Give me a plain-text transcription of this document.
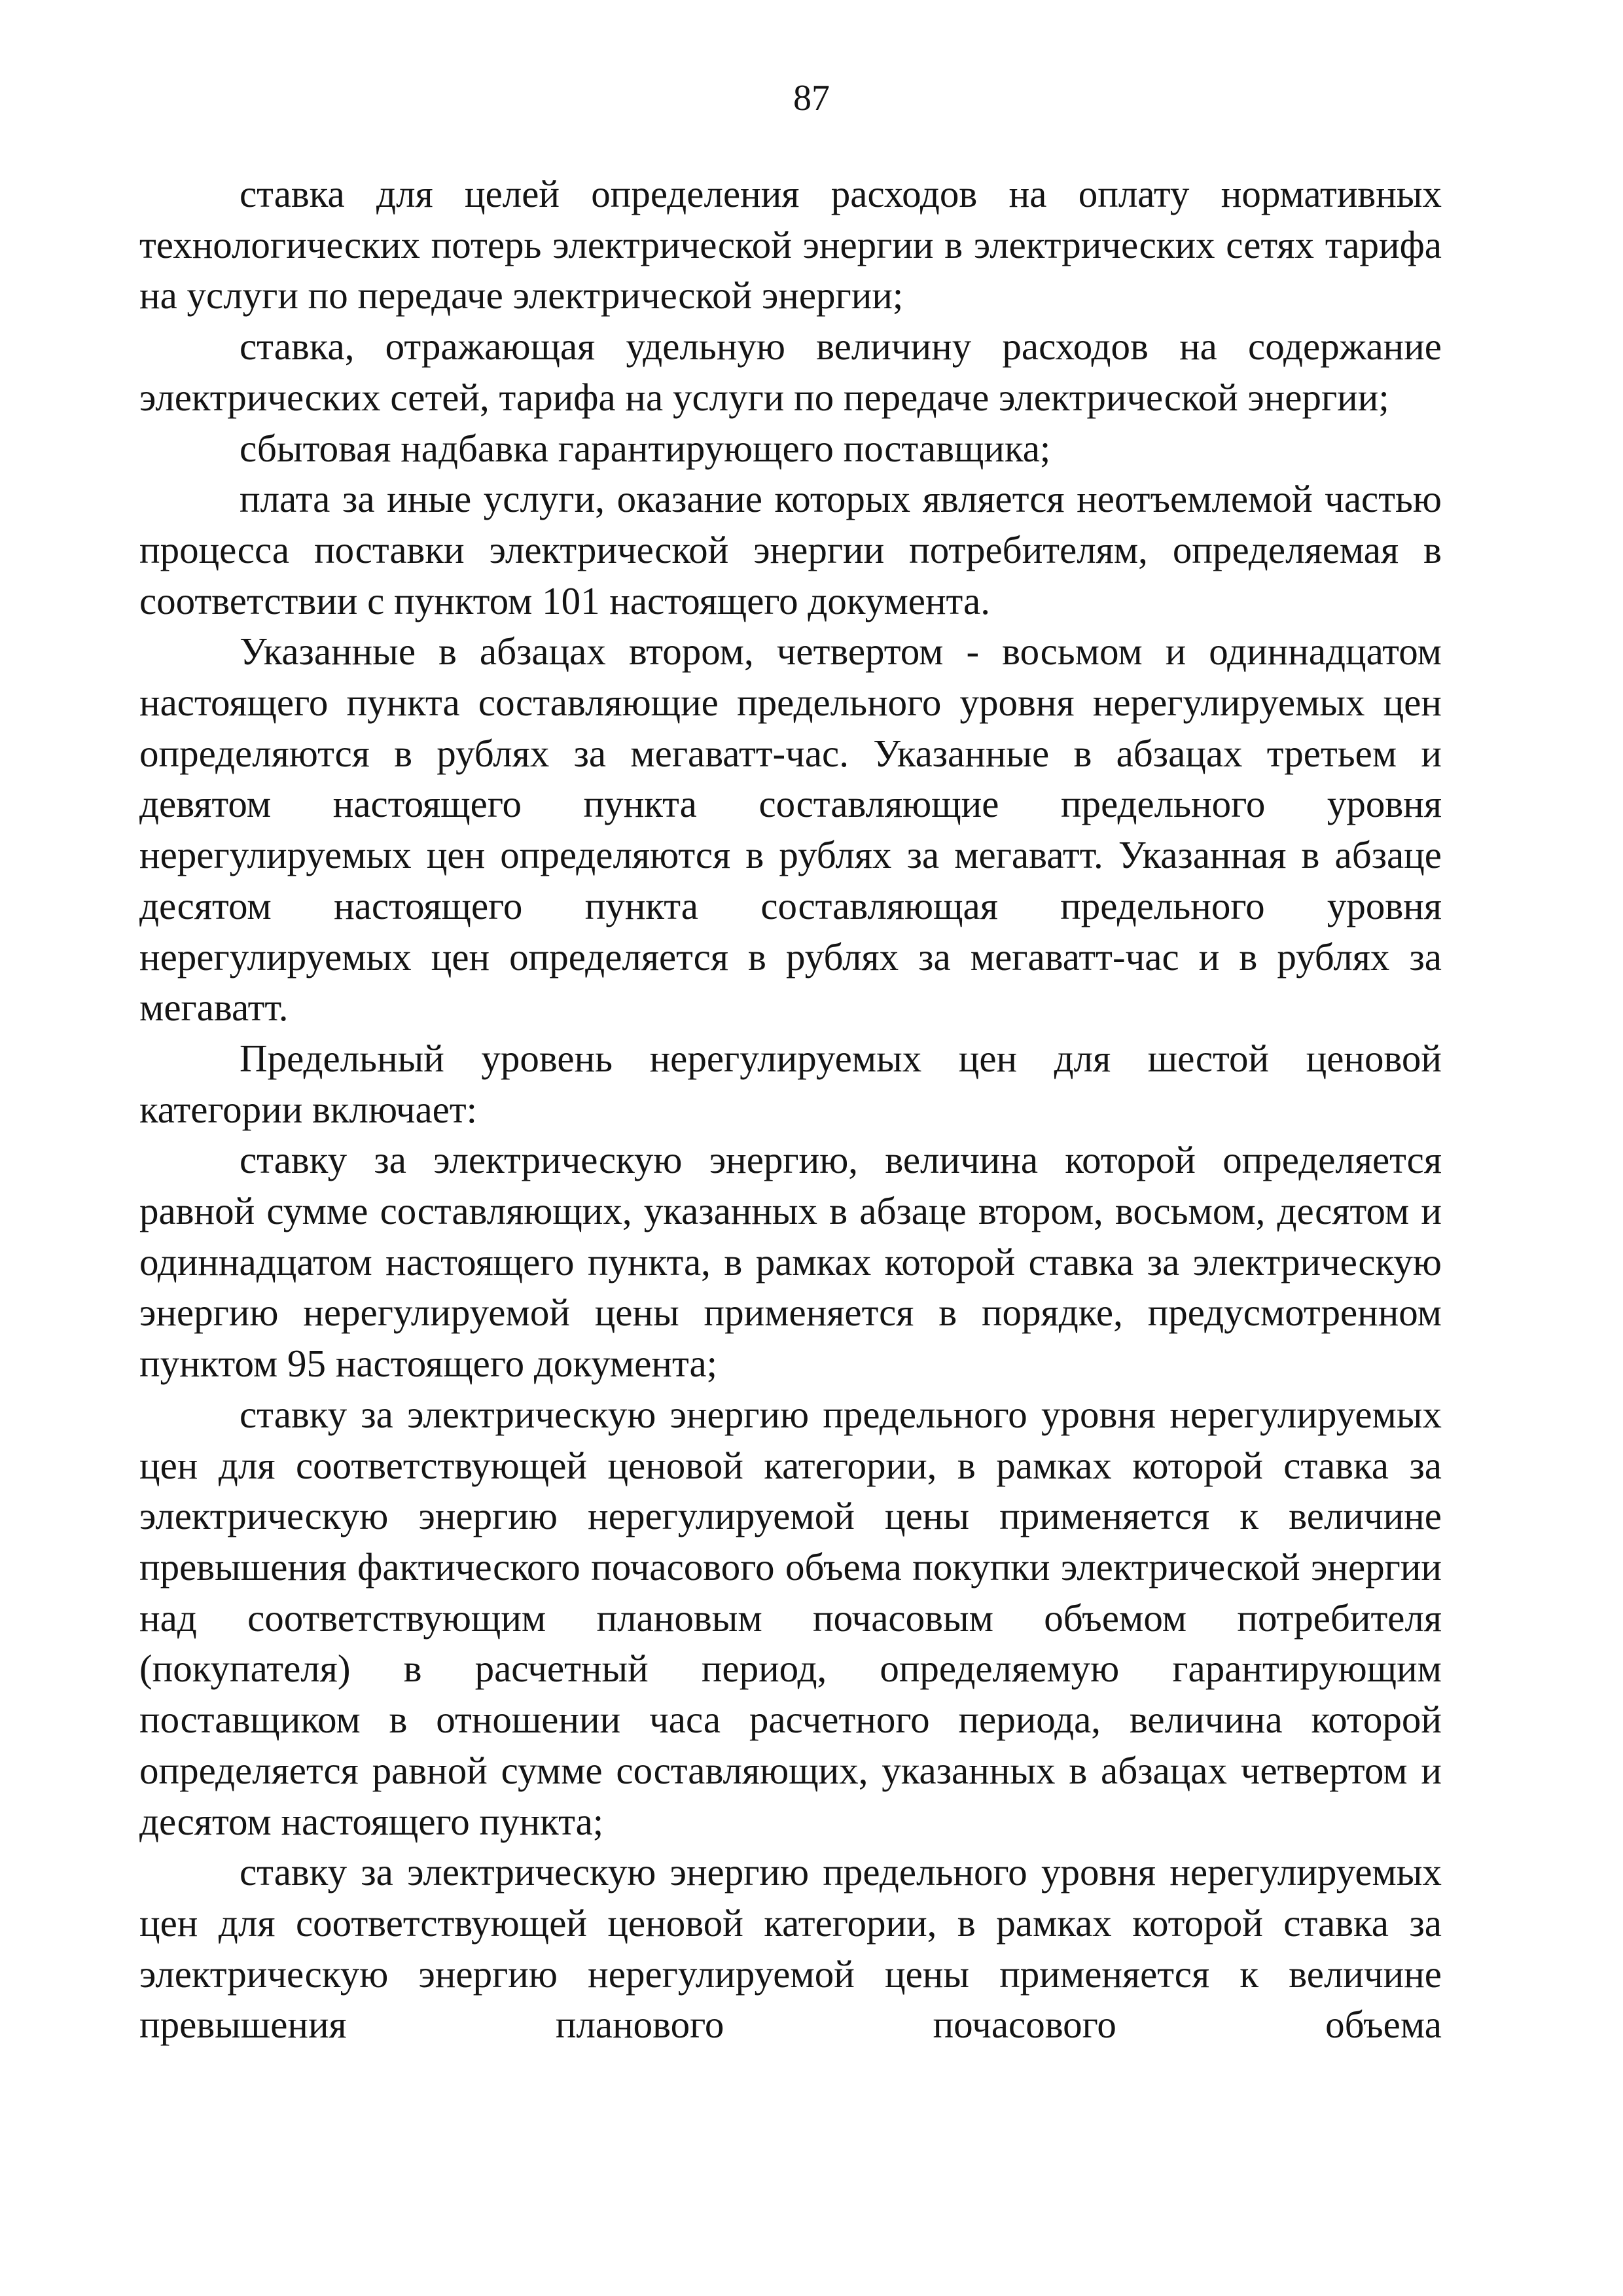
87

ставка для целей определения расходов на оплату нормативных технологических потерь электрической энергии в электрических сетях тарифа на услуги по передаче электрической энергии;

ставка, отражающая удельную величину расходов на содержание электрических сетей, тарифа на услуги по передаче электрической энергии;

сбытовая надбавка гарантирующего поставщика;

плата за иные услуги, оказание которых является неотъемлемой частью процесса поставки электрической энергии потребителям, определяемая в соответствии с пунктом 101 настоящего документа.

Указанные в абзацах втором, четвертом - восьмом и одиннадцатом настоящего пункта составляющие предельного уровня нерегулируемых цен определяются в рублях за мегаватт-час. Указанные в абзацах третьем и девятом настоящего пункта составляющие предельного уровня нерегулируемых цен определяются в рублях за мегаватт. Указанная в абзаце десятом настоящего пункта составляющая предельного уровня нерегулируемых цен определяется в рублях за мегаватт-час и в рублях за мегаватт.

Предельный уровень нерегулируемых цен для шестой ценовой категории включает:

ставку за электрическую энергию, величина которой определяется равной сумме составляющих, указанных в абзаце втором, восьмом, десятом и одиннадцатом настоящего пункта, в рамках которой ставка за электрическую энергию нерегулируемой цены применяется в порядке, предусмотренном пунктом 95 настоящего документа;

ставку за электрическую энергию предельного уровня нерегулируемых цен для соответствующей ценовой категории, в рамках которой ставка за электрическую энергию нерегулируемой цены применяется к величине превышения фактического почасового объема покупки электрической энергии над соответствующим плановым почасовым объемом потребителя (покупателя) в расчетный период, определяемую гарантирующим поставщиком в отношении часа расчетного периода, величина которой определяется равной сумме составляющих, указанных в абзацах четвертом и десятом настоящего пункта;

ставку за электрическую энергию предельного уровня нерегулируемых цен для соответствующей ценовой категории, в рамках которой ставка за электрическую энергию нерегулируемой цены применяется к величине превышения планового почасового объема
